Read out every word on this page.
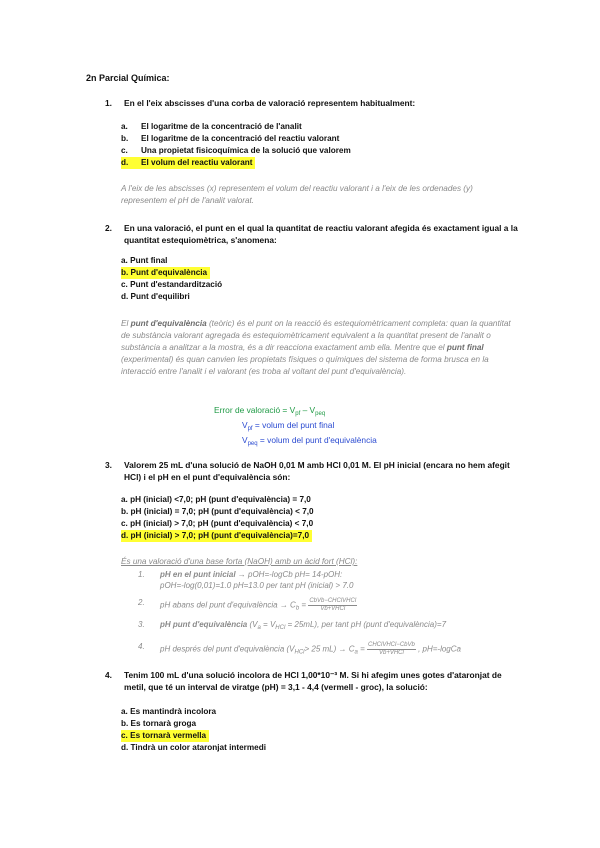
2n Parcial Química:
1. En el l'eix abscisses d'una corba de valoració representem habitualment:
a. El logaritme de la concentració de l'analit
b. El logaritme de la concentració del reactiu valorant
c. Una propietat fisicoquímica de la solució que valorem
d. El volum del reactiu valorant
A l'eix de les abscisses (x) representem el volum del reactiu valorant i a l'eix de les ordenades (y) representem el pH de l'analit valorat.
2. En una valoració, el punt en el qual la quantitat de reactiu valorant afegida és exactament igual a la quantitat estequiomètrica, s'anomena:
a. Punt final
b. Punt d'equivalència
c. Punt d'estandardització
d. Punt d'equilibri
El punt d'equivalència (teòric) és el punt on la reacció és estequiomètricament completa: quan la quantitat de substància valorant agregada és estequiomètricament equivalent a la quantitat present de l'analit o substància a analitzar a la mostra, és a dir reacciona exactament amb ella. Mentre que el punt final (experimental) és quan canvien les propietats físiques o químiques del sistema de forma brusca en la interacció entre l'analit i el valorant (es troba al voltant del punt d'equivalència).
Error de valoració = $V_{pf} - V_{peq}$
$V_{pf}$ = volum del punt final
$V_{peq}$ = volum del punt d'equivalència
3. Valorem 25 mL d'una solució de NaOH 0,01 M amb HCl 0,01 M. El pH inicial (encara no hem afegit HCl) i el pH en el punt d'equivalència són:
a. pH (inicial) <7,0; pH (punt d'equivalència) = 7,0
b. pH (inicial) = 7,0; pH (punt d'equivalència) < 7,0
c. pH (inicial) > 7,0; pH (punt d'equivalència) < 7,0
d. pH (inicial) > 7,0; pH (punt d'equivalència)=7,0
És una valoració d'una base forta (NaOH) amb un àcid fort (HCl):
1. pH en el punt inicial → pOH=-logCb pH= 14-pOH:
pOH=-log(0,01)=1.0 pH=13.0 per tant pH (inicial) > 7.0
2. pH abans del punt d'equivalència → $C_b = \frac{\text{CbVb−CHClVHCl}}{\text{Vb+VHCl}}$
3. pH punt d'equivalència $(V_a = V_{HCl} = 25mL)$, per tant pH (punt d'equivalència)=7
4. pH després del punt d'equivalència ($V_{HCl}> 25$ $mL) \to C_a = \frac{\text{CHClVHCl−CbVb}}{\text{Vb+VHCl}}$ , pH=-logCa
4. Tenim 100 mL d'una solució incolora de HCl 1,00*10⁻³ M. Si hi afegim unes gotes d'ataronjat de metil, que té un interval de viratge (pH) = 3,1 - 4,4 (vermell - groc), la solució:
a. Es mantindrà incolora
b. Es tornarà groga
c. Es tornarà vermella
d. Tindrà un color ataronjat intermedi
